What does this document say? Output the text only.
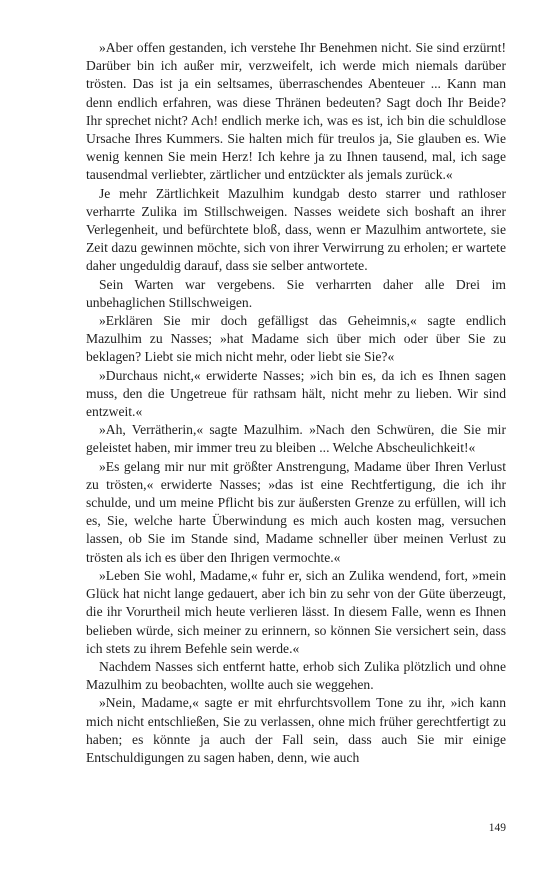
»Aber offen gestanden, ich verstehe Ihr Benehmen nicht. Sie sind erzürnt! Darüber bin ich außer mir, verzweifelt, ich werde mich niemals darüber trösten. Das ist ja ein seltsames, überraschendes Abenteuer ... Kann man denn endlich erfahren, was diese Thränen bedeuten? Sagt doch Ihr Beide? Ihr sprechet nicht? Ach! endlich merke ich, was es ist, ich bin die schuldlose Ursache Ihres Kummers. Sie halten mich für treulos ja, Sie glauben es. Wie wenig kennen Sie mein Herz! Ich kehre ja zu Ihnen tausend, mal, ich sage tausendmal verliebter, zärtlicher und entzückter als jemals zurück.«

Je mehr Zärtlichkeit Mazulhim kundgab desto starrer und rathloser verharrte Zulika im Stillschweigen. Nasses weidete sich boshaft an ihrer Verlegenheit, und befürchtete bloß, dass, wenn er Mazulhim antwortete, sie Zeit dazu gewinnen möchte, sich von ihrer Verwirrung zu erholen; er wartete daher ungeduldig darauf, dass sie selber antwortete.

Sein Warten war vergebens. Sie verharrten daher alle Drei im unbehaglichen Stillschweigen.

»Erklären Sie mir doch gefälligst das Geheimnis,« sagte endlich Mazulhim zu Nasses; »hat Madame sich über mich oder über Sie zu beklagen? Liebt sie mich nicht mehr, oder liebt sie Sie?«

»Durchaus nicht,« erwiderte Nasses; »ich bin es, da ich es Ihnen sagen muss, den die Ungetreue für rathsam hält, nicht mehr zu lieben. Wir sind entzweit.«

»Ah, Verrätherin,« sagte Mazulhim. »Nach den Schwüren, die Sie mir geleistet haben, mir immer treu zu bleiben ... Welche Abscheulichkeit!«

»Es gelang mir nur mit größter Anstrengung, Madame über Ihren Verlust zu trösten,« erwiderte Nasses; »das ist eine Rechtfertigung, die ich ihr schulde, und um meine Pflicht bis zur äußersten Grenze zu erfüllen, will ich es, Sie, welche harte Überwindung es mich auch kosten mag, versuchen lassen, ob Sie im Stande sind, Madame schneller über meinen Verlust zu trösten als ich es über den Ihrigen vermochte.«

»Leben Sie wohl, Madame,« fuhr er, sich an Zulika wendend, fort, »mein Glück hat nicht lange gedauert, aber ich bin zu sehr von der Güte überzeugt, die ihr Vorurtheil mich heute verlieren lässt. In diesem Falle, wenn es Ihnen belieben würde, sich meiner zu erinnern, so können Sie versichert sein, dass ich stets zu ihrem Befehle sein werde.«

Nachdem Nasses sich entfernt hatte, erhob sich Zulika plötzlich und ohne Mazulhim zu beobachten, wollte auch sie weggehen.

»Nein, Madame,« sagte er mit ehrfurchtsvollem Tone zu ihr, »ich kann mich nicht entschließen, Sie zu verlassen, ohne mich früher gerechtfertigt zu haben; es könnte ja auch der Fall sein, dass auch Sie mir einige Entschuldigungen zu sagen haben, denn, wie auch

149
